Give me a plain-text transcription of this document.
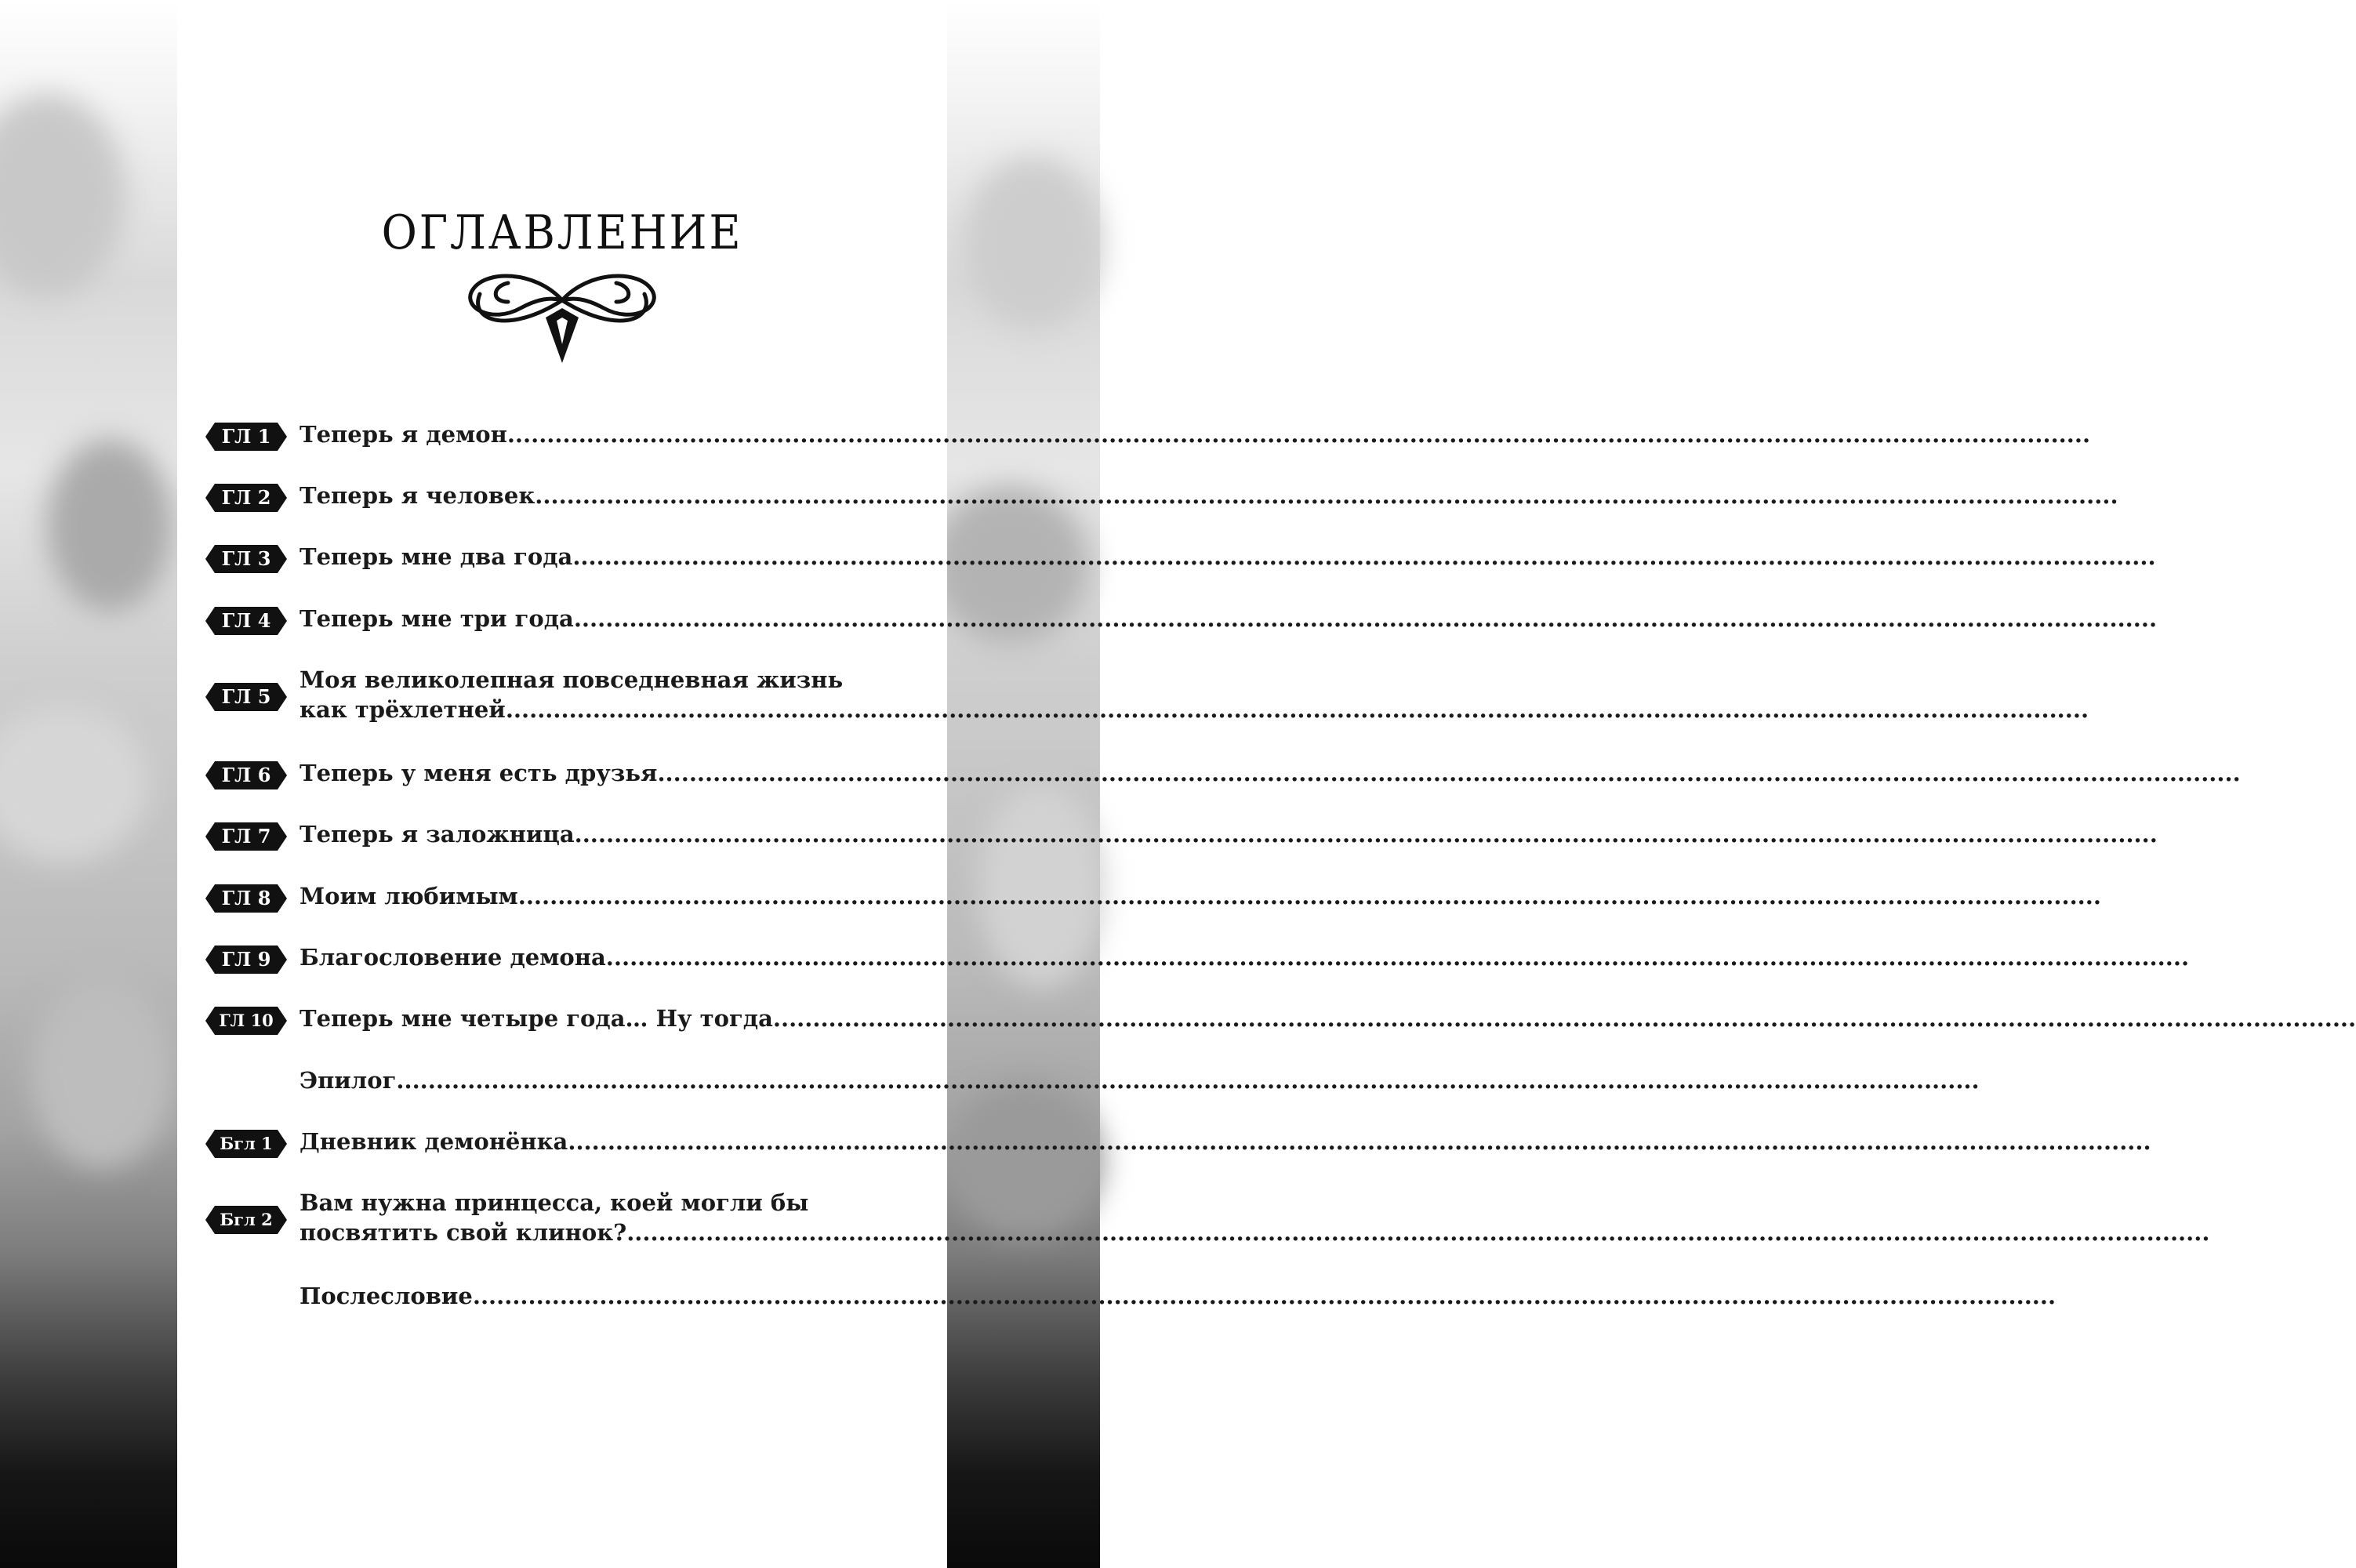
ОГЛАВЛЕНИЕ
ГЛ 1	Теперь я демон ........................................................................................................................................................................................................
ГЛ 2	Теперь я человек ........................................................................................................................................................................................................
ГЛ 3	Теперь мне два года ........................................................................................................................................................................................................
ГЛ 4	Теперь мне три года ........................................................................................................................................................................................................
ГЛ 5
Моя великолепная повседневная жизнь
как трёхлетней ........................................................................................................................................................................................................
ГЛ 6	Теперь у меня есть друзья ........................................................................................................................................................................................................
ГЛ 7	Теперь я заложница ........................................................................................................................................................................................................
ГЛ 8	Моим любимым ........................................................................................................................................................................................................
ГЛ 9	Благословение демона ........................................................................................................................................................................................................
ГЛ 10	Теперь мне четыре года… Ну тогда ........................................................................................................................................................................................................
Эпилог ........................................................................................................................................................................................................
Бгл 1	Дневник демонёнка ........................................................................................................................................................................................................
Бгл 2
Вам нужна принцесса, коей могли бы
посвятить свой клинок? ........................................................................................................................................................................................................
Послесловие ........................................................................................................................................................................................................
